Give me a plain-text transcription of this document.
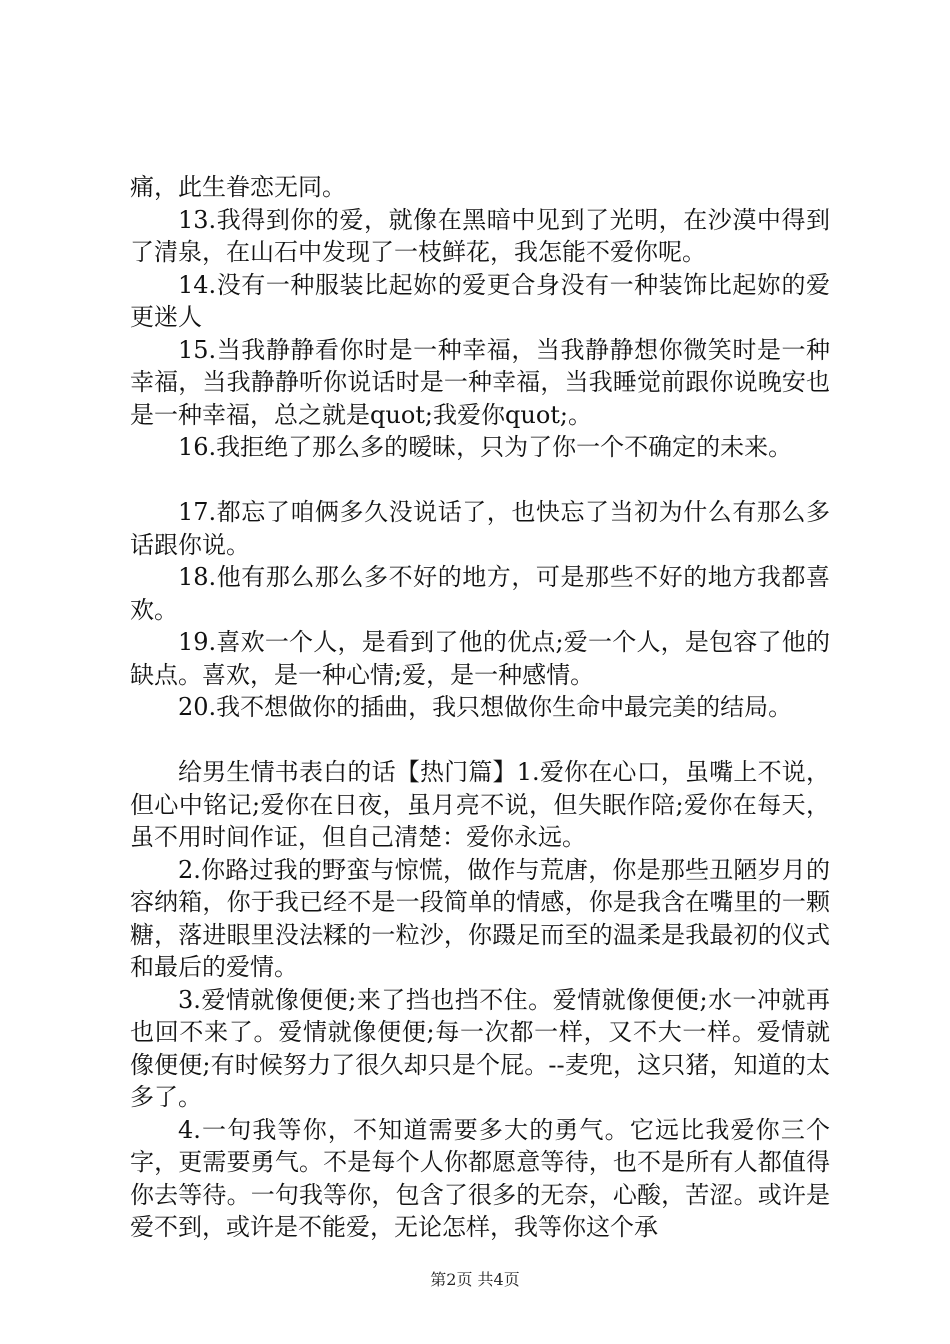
痛，此生眷恋无同。

13.我得到你的爱，就像在黑暗中见到了光明，在沙漠中得到了清泉，在山石中发现了一枝鲜花，我怎能不爱你呢。

14.没有一种服装比起妳的爱更合身没有一种装饰比起妳的爱更迷人

15.当我静静看你时是一种幸福，当我静静想你微笑时是一种幸福，当我静静听你说话时是一种幸福，当我睡觉前跟你说晚安也是一种幸福，总之就是quot;我爱你quot;。

16.我拒绝了那么多的暧昧，只为了你一个不确定的未来。

17.都忘了咱俩多久没说话了，也快忘了当初为什么有那么多话跟你说。

18.他有那么那么多不好的地方，可是那些不好的地方我都喜欢。

19.喜欢一个人，是看到了他的优点;爱一个人，是包容了他的缺点。喜欢，是一种心情;爱，是一种感情。

20.我不想做你的插曲，我只想做你生命中最完美的结局。

给男生情书表白的话【热门篇】1.爱你在心口，虽嘴上不说，但心中铭记;爱你在日夜，虽月亮不说，但失眠作陪;爱你在每天，虽不用时间作证，但自己清楚：爱你永远。

2.你路过我的野蛮与惊慌，做作与荒唐，你是那些丑陋岁月的容纳箱，你于我已经不是一段简单的情感，你是我含在嘴里的一颗糖，落进眼里没法糅的一粒沙，你蹑足而至的温柔是我最初的仪式和最后的爱情。

3.爱情就像便便;来了挡也挡不住。爱情就像便便;水一冲就再也回不来了。爱情就像便便;每一次都一样，又不大一样。爱情就像便便;有时候努力了很久却只是个屁。--麦兜，这只猪，知道的太多了。

4.一句我等你，不知道需要多大的勇气。它远比我爱你三个字，更需要勇气。不是每个人你都愿意等待，也不是所有人都值得你去等待。一句我等你，包含了很多的无奈，心酸，苦涩。或许是爱不到，或许是不能爱，无论怎样，我等你这个承

第2页 共4页
